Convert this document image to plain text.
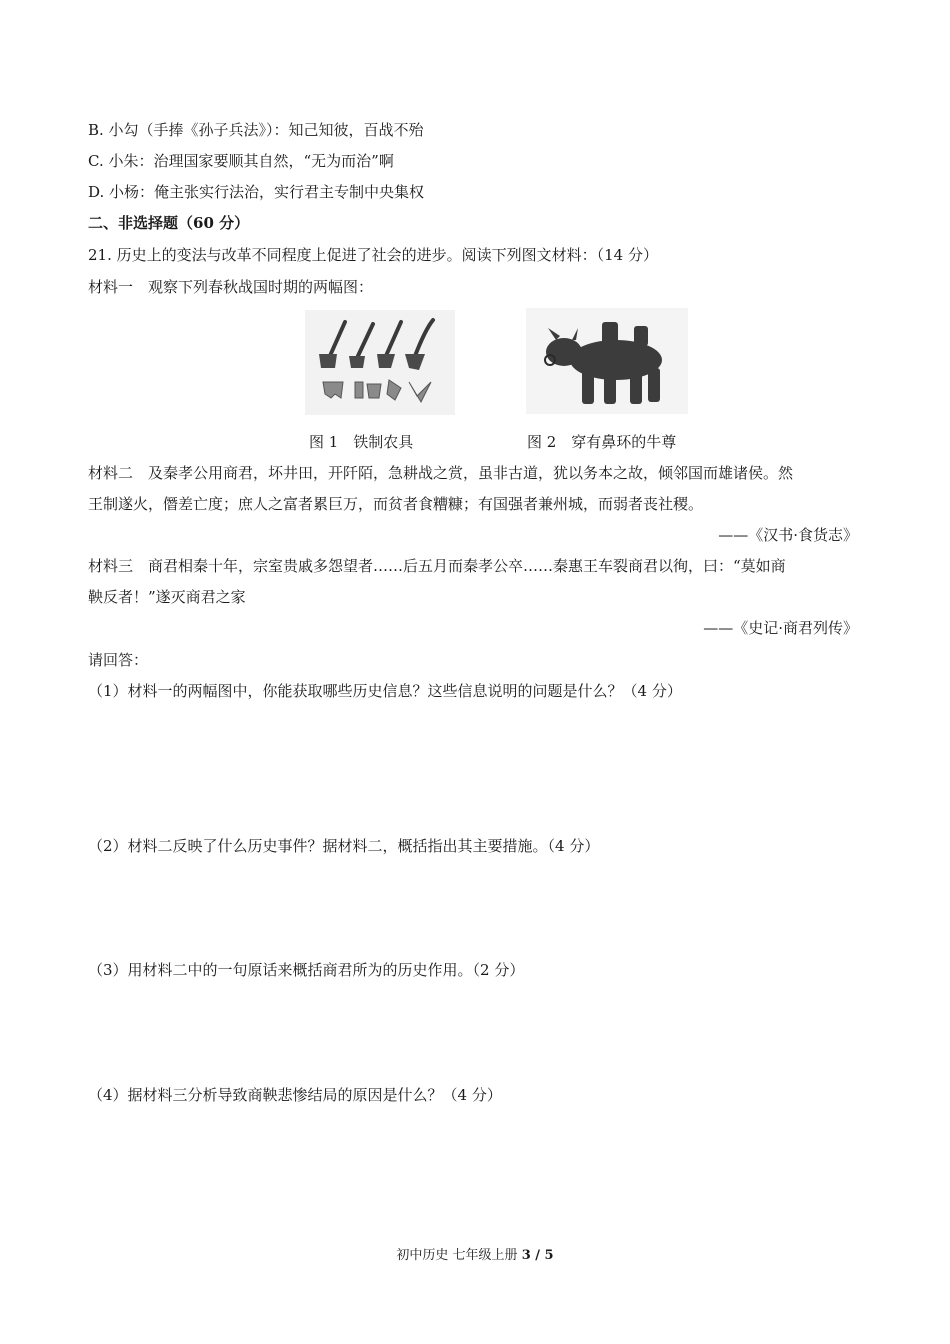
B. 小勾（手捧《孙子兵法》）：知己知彼，百战不殆
C. 小朱：治理国家要顺其自然，“无为而治”啊
D. 小杨：俺主张实行法治，实行君主专制中央集权
二、非选择题（60 分）
21. 历史上的变法与改革不同程度上促进了社会的进步。阅读下列图文材料：（14 分）
材料一　观察下列春秋战国时期的两幅图：
图 1　铁制农具	图 2　穿有鼻环的牛尊
材料二　及秦孝公用商君，坏井田，开阡陌，急耕战之赏，虽非古道，犹以务本之故，倾邻国而雄诸侯。然
王制遂火，僭差亡度；庶人之富者累巨万，而贫者食糟糠；有国强者兼州城，而弱者丧社稷。
——《汉书·食货志》
材料三　商君相秦十年，宗室贵戚多怨望者……后五月而秦孝公卒……秦惠王车裂商君以徇，曰：“莫如商
鞅反者！”遂灭商君之家
——《史记·商君列传》
请回答：
（1）材料一的两幅图中，你能获取哪些历史信息？这些信息说明的问题是什么？（4 分）
（2）材料二反映了什么历史事件？据材料二，概括指出其主要措施。（4 分）
（3）用材料二中的一句原话来概括商君所为的历史作用。（2 分）
（4）据材料三分析导致商鞅悲惨结局的原因是什么？（4 分）
初中历史 七年级上册 3 / 5
